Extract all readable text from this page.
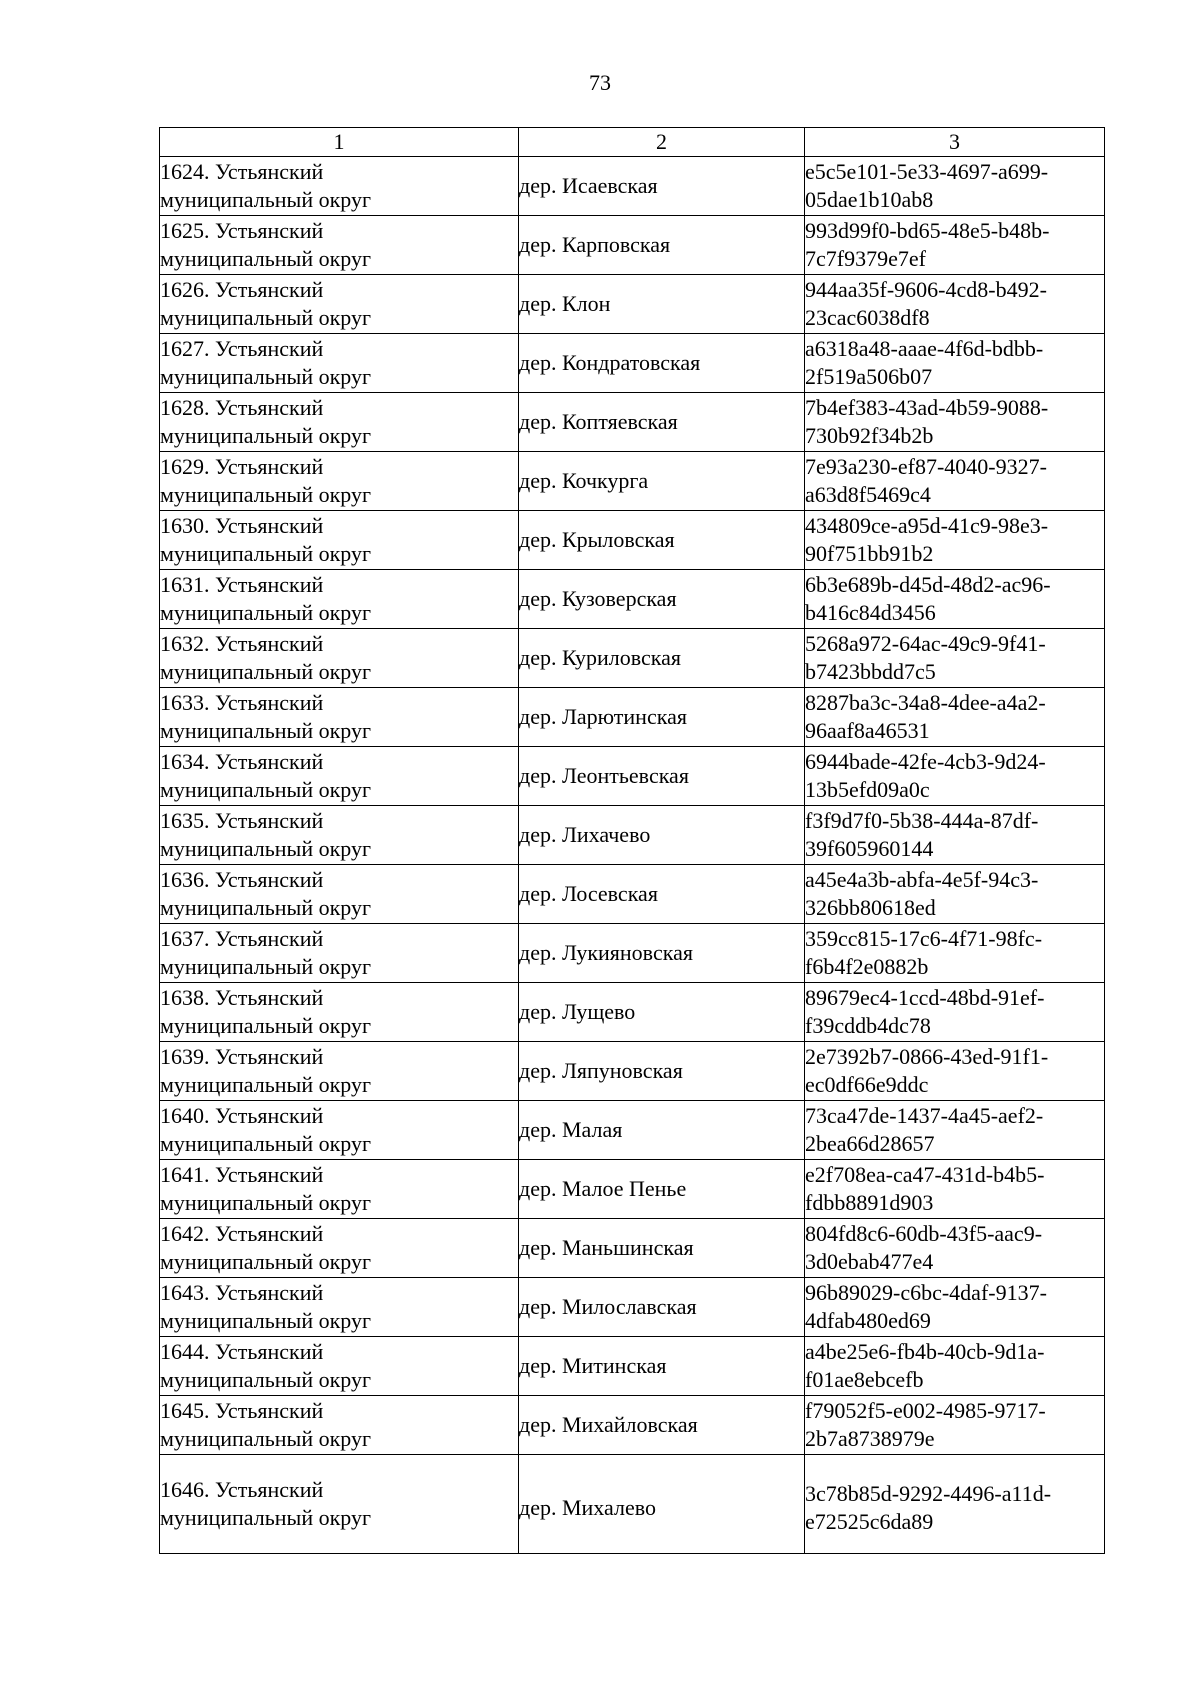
73
1	2	3

1624. Устьянский
муниципальный округ	дер. Исаевская	e5c5e101-5e33-4697-a699-
05dae1b10ab8

1625. Устьянский
муниципальный округ	дер. Карповская	993d99f0-bd65-48e5-b48b-
7c7f9379e7ef

1626. Устьянский
муниципальный округ	дер. Клон	944aa35f-9606-4cd8-b492-
23cac6038df8

1627. Устьянский
муниципальный округ	дер. Кондратовская	a6318a48-aaae-4f6d-bdbb-
2f519a506b07

1628. Устьянский
муниципальный округ	дер. Коптяевская	7b4ef383-43ad-4b59-9088-
730b92f34b2b

1629. Устьянский
муниципальный округ	дер. Кочкурга	7e93a230-ef87-4040-9327-
a63d8f5469c4

1630. Устьянский
муниципальный округ	дер. Крыловская	434809ce-a95d-41c9-98e3-
90f751bb91b2

1631. Устьянский
муниципальный округ	дер. Кузоверская	6b3e689b-d45d-48d2-ac96-
b416c84d3456

1632. Устьянский
муниципальный округ	дер. Куриловская	5268a972-64ac-49c9-9f41-
b7423bbdd7c5

1633. Устьянский
муниципальный округ	дер. Ларютинская	8287ba3c-34a8-4dee-a4a2-
96aaf8a46531

1634. Устьянский
муниципальный округ	дер. Леонтьевская	6944bade-42fe-4cb3-9d24-
13b5efd09a0c

1635. Устьянский
муниципальный округ	дер. Лихачево	f3f9d7f0-5b38-444a-87df-
39f605960144

1636. Устьянский
муниципальный округ	дер. Лосевская	a45e4a3b-abfa-4e5f-94c3-
326bb80618ed

1637. Устьянский
муниципальный округ	дер. Лукияновская	359cc815-17c6-4f71-98fc-
f6b4f2e0882b

1638. Устьянский
муниципальный округ	дер. Лущево	89679ec4-1ccd-48bd-91ef-
f39cddb4dc78

1639. Устьянский
муниципальный округ	дер. Ляпуновская	2e7392b7-0866-43ed-91f1-
ec0df66e9ddc

1640. Устьянский
муниципальный округ	дер. Малая	73ca47de-1437-4a45-aef2-
2bea66d28657

1641. Устьянский
муниципальный округ	дер. Малое Пенье	e2f708ea-ca47-431d-b4b5-
fdbb8891d903

1642. Устьянский
муниципальный округ	дер. Маньшинская	804fd8c6-60db-43f5-aac9-
3d0ebab477e4

1643. Устьянский
муниципальный округ	дер. Милославская	96b89029-c6bc-4daf-9137-
4dfab480ed69

1644. Устьянский
муниципальный округ	дер. Митинская	a4be25e6-fb4b-40cb-9d1a-
f01ae8ebcefb

1645. Устьянский
муниципальный округ	дер. Михайловская	f79052f5-e002-4985-9717-
2b7a8738979e

1646. Устьянский
муниципальный округ	дер. Михалево	3c78b85d-9292-4496-a11d-
e72525c6da89
